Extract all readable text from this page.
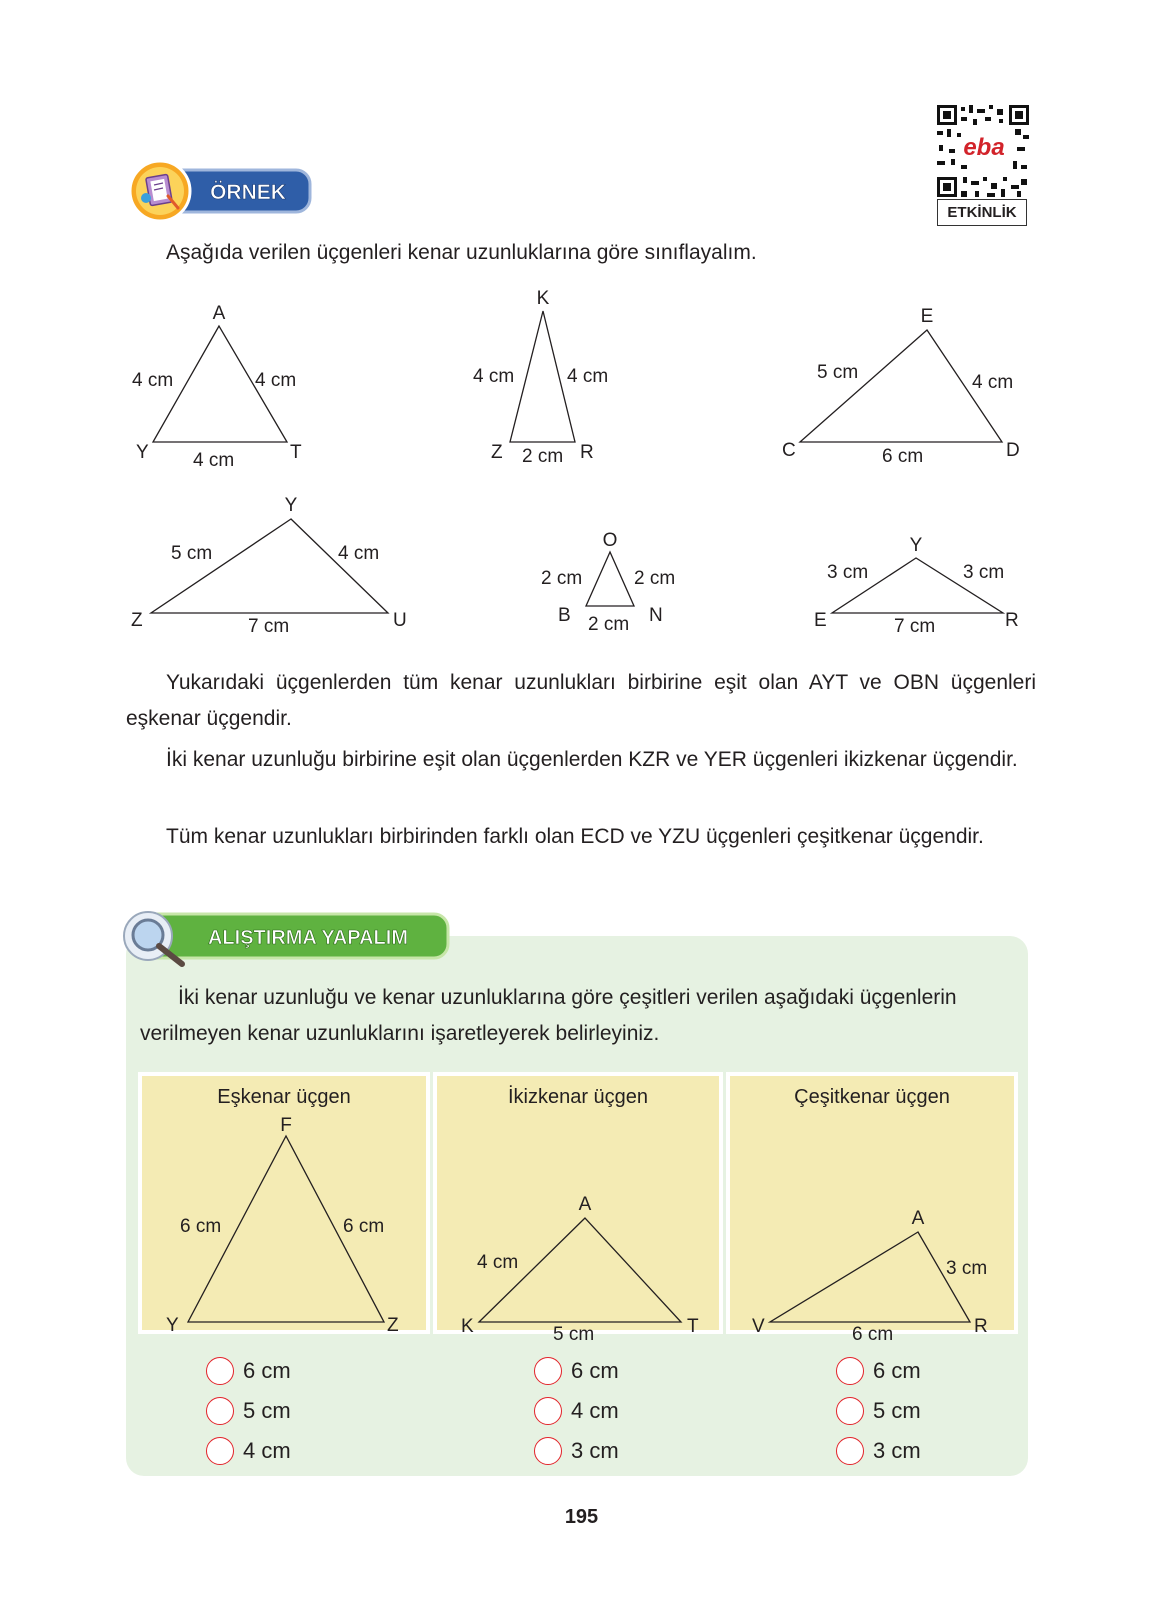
ÖRNEK
eba
ETKİNLİK
Aşağıda verilen üçgenleri kenar uzunluklarına göre sınıflayalım.
A
Y	T
4 cm	4 cm
4 cm
K
Z	R
4 cm	4 cm
2 cm
E
C	D
5 cm	4 cm
6 cm
Y
Z	U
5 cm	4 cm
7 cm
O
B	N
2 cm	2 cm
2 cm
Y
E	R
3 cm	3 cm
7 cm
Yukarıdaki üçgenlerden tüm kenar uzunlukları birbirine eşit olan AYT ve OBN üçgenleri eşkenar üçgendir.
İki kenar uzunluğu birbirine eşit olan üçgenlerden KZR ve YER üçgenleri ikizkenar üçgendir.
Tüm kenar uzunlukları birbirinden farklı olan ECD ve YZU üçgenleri çeşitkenar üçgendir.
ALIŞTIRMA YAPALIM
İki kenar uzunluğu ve kenar uzunluklarına göre çeşitleri verilen aşağıdaki üçgenlerin verilmeyen kenar uzunluklarını işaretleyerek belirleyiniz.
Eşkenar üçgen
F
Y	Z
6 cm	6 cm
İkizkenar üçgen
A
K	T
4 cm
5 cm
Çeşitkenar üçgen
A
V	R
3 cm
6 cm
6 cm
5 cm
4 cm
6 cm
4 cm
3 cm
6 cm
5 cm
3 cm
195
